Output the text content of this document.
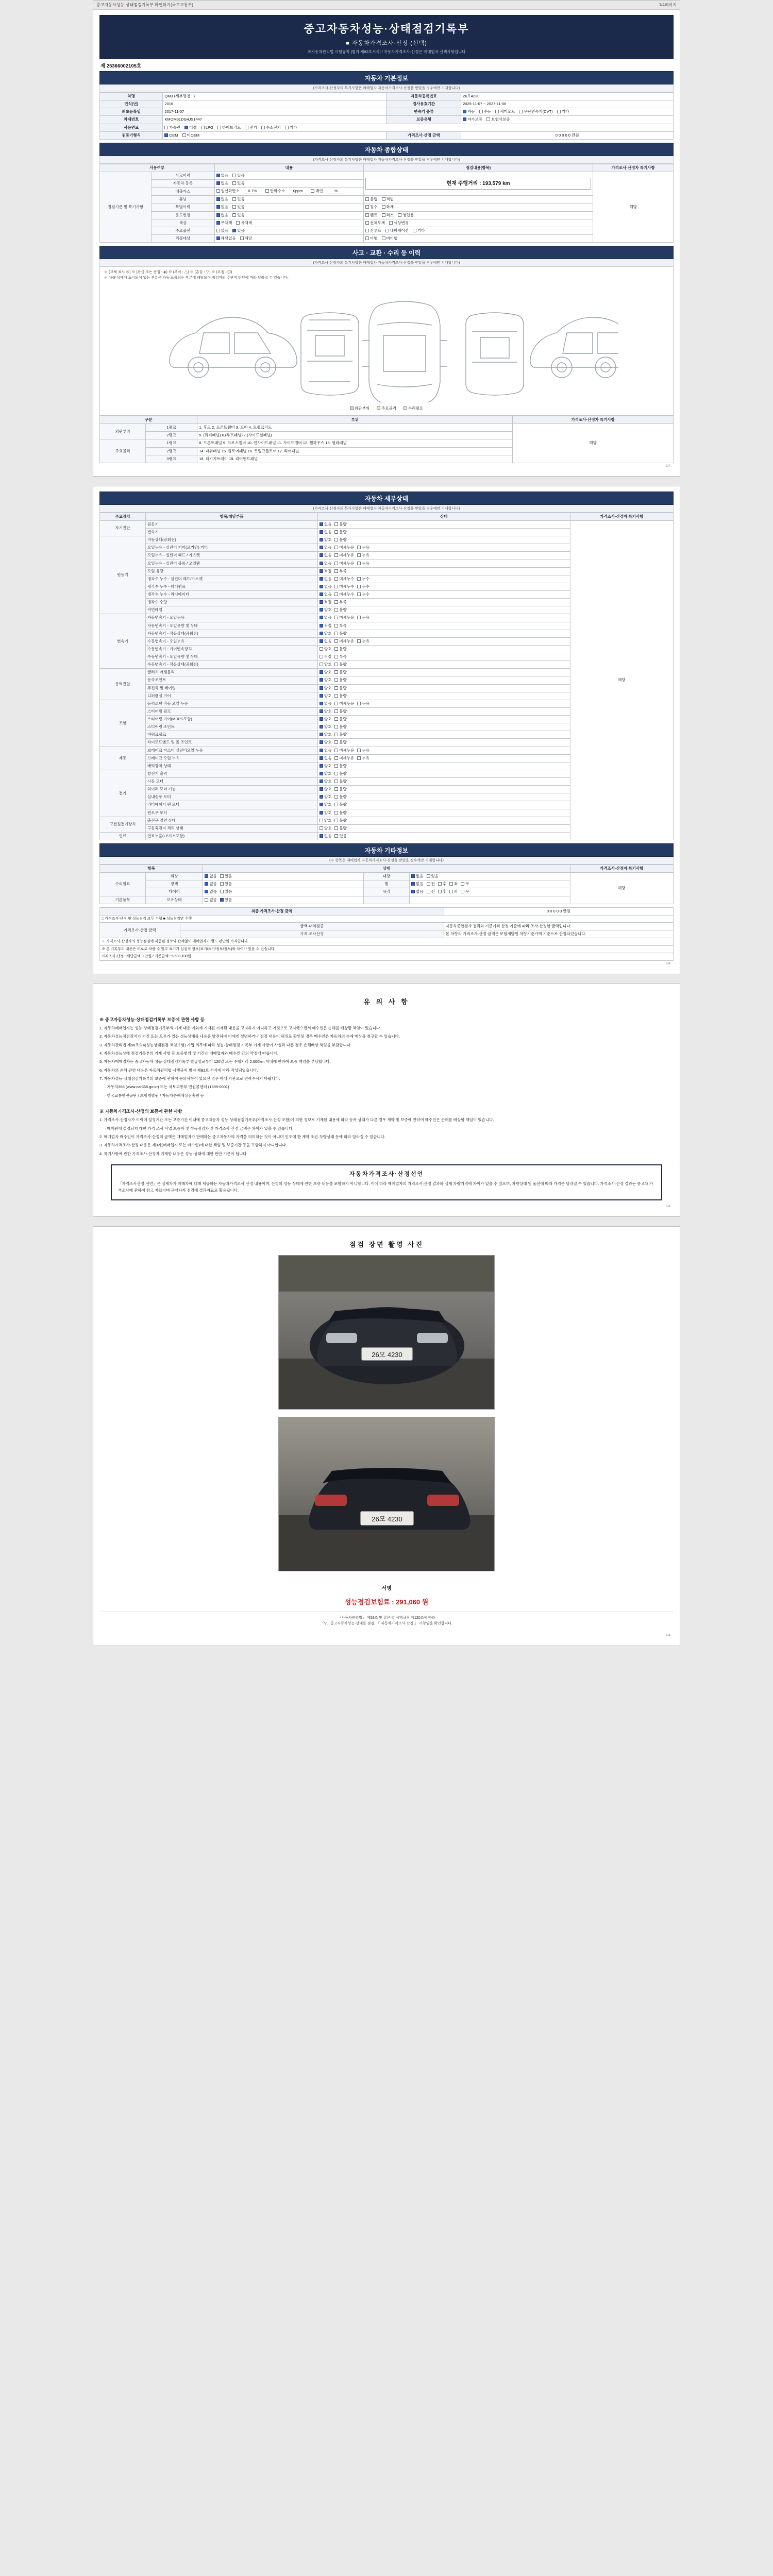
중고자동차성능·상태점검기록부 확인하기(국토교통부)	1/4페이지
중고자동차성능·상태점검기록부
■ 자동차가격조사·산정 (선택)
※자동차관리법 시행규칙 [별지 제82호서식] / 자동차가격조사·산정은 매매업자 선택사항입니다
제 25366002105호
자동차 기본정보
(가격조사·산정자의 특기사항은 매매업자 자동차가격조사·산정을 받았을 경우에만 기재합니다)
차명	QM3 (세부명칭 : )	자동차등록번호	26모4230
연식(년)	2016	검사유효기간	2025-11-07 ~ 2027-11-06
최초등록일	2017-11-07	변속기 종류	자동 수동 세미오토 무단변속기(CVT) 기타
차대번호	KMOM31DG4JS1447	보증유형	자가보증 보험사보증
사용연료	가솔린 디젤 LPG 하이브리드 전기 수소전기 기타		
원동기형식	OEM 비OEM	가격조사·산정 금액	0 0 0 0 0 만원
자동차 종합상태
(가격조사·산정자의 특기사항은 매매업자 자동차가격조사·산정을 받았을 경우에만 기재합니다)
사용여부		내용	점검내용(항목)	가격조사·산정자 특기사항
점검기준 및 특기사항	사고이력	없음 있음	현재 주행거리 : 193,579 km	해당
	자동차 등록	없음 있음		
	배출가스	일산화탄소 0.7% 탄화수소 0ppm 매연 %		
	튜닝	없음 있음	불법 적법	
	특별이력	없음 있음	침수 화재	
	용도변경	없음 있음	렌트 리스 영업용	
	색상	무채색 유채색	전체도색 색상변경	
	주요옵션	없음 있음	선루프 내비게이션 기타	
	리콜대상	해당없음 해당	이행 미이행	
사고 · 교환 · 수리 등 이력
(가격조사·산정자의 특기사항은 매매업자 자동차가격조사·산정을 받았을 경우에만 기재합니다)
※ (교체 표시 ⊗) ※ (판금 또는 용접 : ◈) ※ (부식 : △) ※ (흠집 : ▽) ※ (요철 : ◎)
※ 차량 상태에 표시되어 있는 부분은 자동 표출되는 부분에 해당되며 점검자의 주관적 판단에 따라 달라질 수 있습니다.
외판부위	주요골격	수리필요
구분		부위	가격조사·산정자 특기사항
외판부위	1랭크	1. 후드 2. 프론트휀더 3. 도어 4. 트렁크리드	해당
	2랭크	5. (쿼터패널) 6.(루프패널) 7.(사이드실패널)	
주요골격	1랭크	8. 프론트패널 9. 크로스멤버 10. 인사이드패널 11. 사이드멤버 12. 휠하우스 13. 필라패널	
	2랭크	14. 대쉬패널 15. 플로어패널 16. 트렁크플로어 17. 리어패널	
	3랭크	18. 패키지트레이 19. 리어엔드패널	
1/4
자동차 세부상태
(가격조사·산정자의 특기사항은 매매업자 자동차가격조사·산정을 받았을 경우에만 기재합니다)
주요장치	항목/해당부품	상태	가격조사·산정자 특기사항
자기진단	원동기	없음 불량	해당
	변속기	없음 불량	
원동기	작동상태(공회전)	양호 불량	
	오일누유 - 실린더 커버(로커암) 커버	없음 미세누유 누유	
	오일누유 - 실린더 헤드 / 가스켓	없음 미세누유 누유	
	오일누유 - 실린더 블록 / 오일팬	없음 미세누유 누유	
	오일 유량	적정 부족	
	냉각수 누수 - 실린더 헤드/가스켓	없음 미세누수 누수	
	냉각수 누수 - 워터펌프	없음 미세누수 누수	
	냉각수 누수 - 라디에이터	없음 미세누수 누수	
	냉각수 수량	적정 부족	
	커먼레일	양호 불량	
변속기	자동변속기 - 오일누유	없음 미세누유 누유	
	자동변속기 - 오일유량 및 상태	적정 부족	
	자동변속기 - 작동상태(공회전)	양호 불량	
	수동변속기 - 오일누유	없음 미세누유 누유	
	수동변속기 - 기어변속장치	양호 불량	
	수동변속기 - 오일유량 및 상태	적정 부족	
	수동변속기 - 작동상태(공회전)	양호 불량	
동력전달	클러치 어셈블리	양호 불량	
	등속조인트	양호 불량	
	추진축 및 베어링	양호 불량	
	디퍼렌셜 기어	양호 불량	
조향	동력조향 작동 오일 누유	없음 미세누유 누유	
	스티어링 펌프	양호 불량	
	스티어링 기어(MDPS포함)	양호 불량	
	스티어링 조인트	양호 불량	
	파워크랭크	양호 불량	
	타이로드엔드 및 볼 조인트	양호 불량	
제동	브레이크 마스터 실린더오일 누유	없음 미세누유 누유	
	브레이크 오일 누유	없음 미세누유 누유	
	배력장치 상태	양호 불량	
전기	발전기 출력	양호 불량	
	시동 모터	양호 불량	
	와이퍼 모터 기능	양호 불량	
	실내송풍 모터	양호 불량	
	라디에이터 팬 모터	양호 불량	
	윈도우 모터	양호 불량	
고전원전기장치	충전구 절연 상태	양호 불량	
	구동축전지 격리 상태	양호 불량	
연료	연료누출(LP가스포함)	없음 있음	
자동차 기타정보
(※ 항목은 매매업자 자동차가격조사·산정을 받았을 경우에만 기재합니다)
항목		상태			가격조사·산정자 특기사항
수리필요	외장	없음 있음	내장	없음 있음	해당
	광택	없음 있음	휠	없음 전 후 좌 우	
	타이어	없음 있음	유리	없음 전 후 좌 우	
기본품목	보유상태	없음 있음			
최종 가격조사·산정 금액		0 0 0 0 0 만원
□ 가격조사·산정 및 성능점검 모두 수행 ■ 성능점검만 수행		
가격조사·산정 금액	금액·내역검증	자동차종합검사 결과와 기준가격 산정 기준에 따라 조사·산정한 금액입니다.
	가격·조사산정	본 차량의 가격조사·산정 금액은 보험개발원 차량기준가액 기준으로 산정되었습니다.
※ 가격조사·산정자의 성능점검에 제공된 정보와 관계없이 매매업자가 별도 판단한 가격입니다.		
※ 본 기록부의 내용은 도로로 차량 수 있고 표기가 실질적 정보(표기/표기/정보/정보)와 차이가 있을 수 있습니다.		
가격조사·산정 : 해당금액 0 만원 / 기준금액 : 5,630,100원		
2/4
유 의 사 항
※ 중고자동차성능·상태점검기록부 보증에 관한 사항 등

1. 자동차매매업자는 성능·상태점검기록부의 기재 내용 이외에 기재된 기재된 내용을 고지하지 아니하고 거짓으로 고지했으면서 매수인은 손해를 배상할 책임이 있습니다.

2. 자동차성능점검장치가 거짓 또는 오류가 있는 성능상태를 내용을 발견하여 이에게 설명하거나 점검 내용이 허위로 확인된 경우 매수인은 자동차의 손해 배상을 청구할 수 있습니다.

3. 자동차관리법 제58조의4(성능상태점검 책임보험) 가입 의무에 따라 성능·상태점검 기록부 기재 사항이 사실과 다른 경우 손해배상 책임을 부담합니다.

4. 자동차성능상태 점검기록부의 기재 사항 등 보증범위 및 기간은 매매업자와 매수인 간의 약정에 따릅니다.

5. 자동차매매업자는 중고자동차 성능·상태점검기록부 발급일로부터 120일 또는 주행거리 2,000km 이내에 한하여 보증 책임을 부담합니다.

6. 자동차의 손해 관련 내용은 자동차관리법 시행규칙 별지 제82호 서식에 따라 작성되었습니다.

7. 자동차성능·상태점검기록부의 보증에 관하여 문의사항이 있으신 경우 아래 기관으로 연락주시기 바랍니다.

· 자동차365 (www.car365.go.kr) 또는 국토교통부 민원콜센터 (1599-0001)

· 한국교통안전공단 / 보험개발원 / 자동차손해배상진흥원 등

※ 자동차가격조사·산정의 보증에 관한 사항

1. 가격조사·산정자가 이력에 설정기간 또는 보증기간 이내에 중고자동차 성능·상태점검기록부(가격조사·산정 포함)에 의한 정보로 기재된 내용에 따라 등록 상태가 다른 경우 계약 및 보증에 관하여 매수인은 손해를 배상할 책임이 있습니다.

· 매매원에 설정되지 대한 가격 조사 사업 보증자 및 성능점검자 간 가격조사·산정 금액은 차이가 있을 수 있습니다.

2. 매매업자 매수인이 가격조사·산정의 금액은 매매업자가 판매하는 중고자동차의 가격을 의미하는 것이 아니며 인도에 한 계약 조건·차량상태 등에 따라 달라질 수 있습니다.

3. 자동차가격조사·산정 내용은 제3자(매매업자 또는 매수인)에 대한 책임 및 보증기간 등을 포함하지 아니합니다.

4. 특기사항에 관한 가격조사·산정자 기재한 내용은 성능·상태에 대한 판단 기준이 됩니다.

자동차가격조사·산정선언

「가격조사산정·선언」은 실제차가 매매차에 대해 제공하는 자동차가격조사·산정 내용이며, 산정의 성능·상태에 관한 보증 내용을 포함하지 아니합니다. 이에 따라 매매업자의 가격조사·산정 결과와 실제 차량가격에 차이가 있을 수 있으며, 차량상태 및 옵션에 따라 가격은 달라질 수 있습니다. 가격조사·산정 결과는 중고차 가격조사에 관하여 참고 자료이며 구매자가 점검에 결과자료로 활용됩니다.

3/4
점검 장면 촬영 사진
26모 4230
26모 4230
서명
성능점검보험료 : 291,060 원
「자동차관리법」 제58조 및 같은 법 시행규칙 제120조에 따라
「Ⅴ」중고자동차성능·상태를 점검, 「 자동차가격조사·산정 」 사항임을 확인합니다.
4/4
